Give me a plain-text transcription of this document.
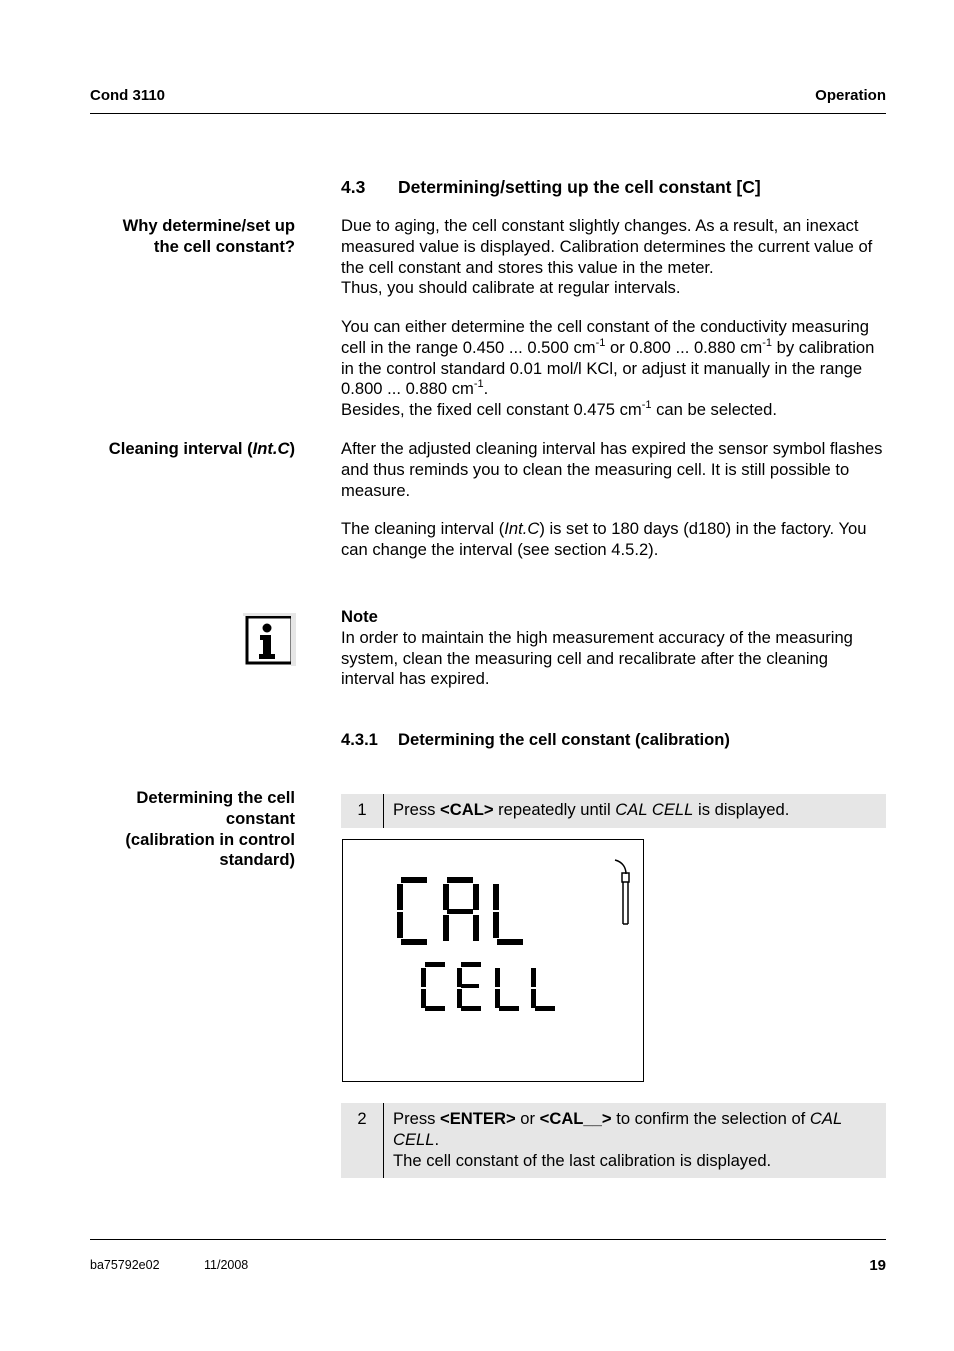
Cond 3110	Operation
4.3 Determining/setting up the cell constant [C]
Why determine/set up
the cell constant?

Due to aging, the cell constant slightly changes. As a result, an inexact measured value is displayed. Calibration determines the current value of the cell constant and stores this value in the meter.

Thus, you should calibrate at regular intervals.

You can either determine the cell constant of the conductivity measuring cell in the range 0.450 ... 0.500 $cm^{-1}$ or 0.800 ... 0.880 $cm^{-1}$ by calibration in the control standard 0.01 mol/l KCl, or adjust it manually in the range 0.800 ... 0.880 $cm^{-1}$.

Besides, the fixed cell constant 0.475 $cm^{-1}$ can be selected.

Cleaning interval (Int.C)	After the adjusted cleaning interval has expired the sensor symbol flashes and thus reminds you to clean the measuring cell. It is still possible to measure.

The cleaning interval (Int.C) is set to 180 days (d180) in the factory. You can change the interval (see section 4.5.2).

Note

In order to maintain the high measurement accuracy of the measuring system, clean the measuring cell and recalibrate after the cleaning interval has expired.

4.3.1 Determining the cell constant (calibration)
Determining the cell
constant
(calibration in control
standard)
1	Press <CAL> repeatedly until CAL CELL is displayed.
2	Press <ENTER> or <CAL__> to confirm the selection of CAL CELL.
The cell constant of the last calibration is displayed.
ba75792e02	11/2008	19
